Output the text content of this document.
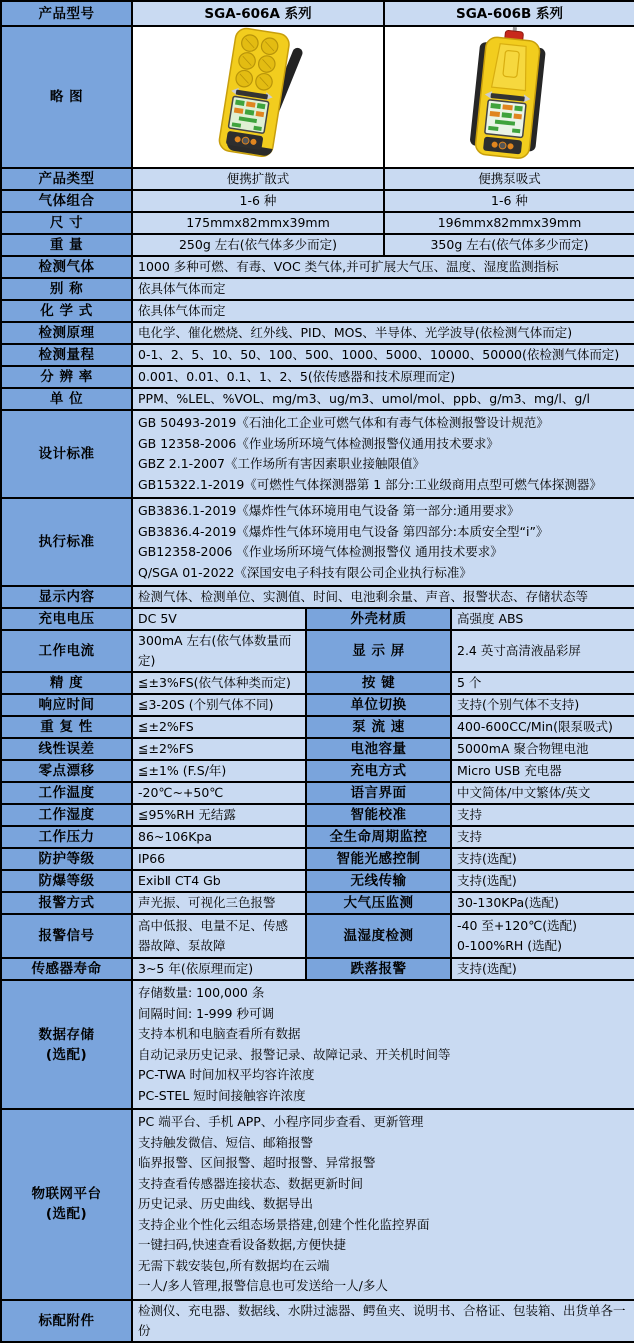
产品型号	SGA-606A 系列		SGA-606B 系列	
略 图		
产品类型	便携扩散式		便携泵吸式	
气体组合	1-6 种		1-6 种	
尺 寸	175mmx82mmx39mm		196mmx82mmx39mm	
重 量	250g 左右(依气体多少而定)		350g 左右(依气体多少而定)	
检测气体	1000 多种可燃、有毒、VOC 类气体,并可扩展大气压、温度、湿度监测指标			
别 称	依具体气体而定			
化 学 式	依具体气体而定			
检测原理	电化学、催化燃烧、红外线、PID、MOS、半导体、光学波导(依检测气体而定)			
检测量程	0-1、2、5、10、50、100、500、1000、5000、10000、50000(依检测气体而定)			
分 辨 率	0.001、0.01、0.1、1、2、5(依传感器和技术原理而定)			
单 位	PPM、%LEL、%VOL、mg/m3、ug/m3、umol/mol、ppb、g/m3、mg/l、g/l			
设计标准	GB 50493-2019《石油化工企业可燃气体和有毒气体检测报警设计规范》
GB 12358-2006《作业场所环境气体检测报警仪通用技术要求》
GBZ 2.1-2007《工作场所有害因素职业接触限值》
GB15322.1-2019《可燃性气体探测器第 1 部分:工业级商用点型可燃气体探测器》			

执行标准	GB3836.1-2019《爆炸性气体环境用电气设备 第一部分:通用要求》
GB3836.4-2019《爆炸性气体环境用电气设备 第四部分:本质安全型“i”》
GB12358-2006 《作业场所环境气体检测报警仪 通用技术要求》
Q/SGA 01-2022《深国安电子科技有限公司企业执行标准》			

显示内容	检测气体、检测单位、实测值、时间、电池剩余量、声音、报警状态、存储状态等			
充电电压	DC 5V	外壳材质		高强度 ABS
工作电流	300mA 左右(依气体数量而定)	显 示 屏		2.4 英寸高清液晶彩屏
精 度	≦±3%FS(依气体种类而定)	按 键		5 个
响应时间	≦3-20S (个别气体不同)	单位切换		支持(个别气体不支持)
重 复 性	≦±2%FS	泵 流 速		400-600CC/Min(限泵吸式)
线性误差	≦±2%FS	电池容量		5000mA 聚合物锂电池
零点漂移	≦±1% (F.S/年)	充电方式		Micro USB 充电器
工作温度	-20℃~+50℃	语言界面		中文简体/中文繁体/英文
工作湿度	≦95%RH 无结露	智能校准		支持
工作压力	86~106Kpa	全生命周期监控		支持
防护等级	IP66	智能光感控制		支持(选配)
防爆等级	ExibⅡ CT4 Gb	无线传输		支持(选配)
报警方式	声光振、可视化三色报警	大气压监测		30-130KPa(选配)
报警信号	高中低报、电量不足、传感器故障、泵故障	温湿度检测		-40 至+120℃(选配)
0-100%RH (选配)

传感器寿命	3~5 年(依原理而定)	跌落报警		支持(选配)

数据存储
(选配)

存储数量: 100,000 条
间隔时间: 1-999 秒可调
支持本机和电脑查看所有数据
自动记录历史记录、报警记录、故障记录、开关机时间等
PC-TWA 时间加权平均容许浓度
PC-STEL 短时间接触容许浓度

物联网平台
(选配)

PC 端平台、手机 APP、小程序同步查看、更新管理
支持触发微信、短信、邮箱报警
临界报警、区间报警、超时报警、异常报警
支持查看传感器连接状态、数据更新时间
历史记录、历史曲线、数据导出
支持企业个性化云组态场景搭建,创建个性化监控界面
一键扫码,快速查看设备数据,方便快捷
无需下载安装包,所有数据均在云端
一人/多人管理,报警信息也可发送给一人/多人

标配附件	检测仪、充电器、数据线、水阱过滤器、鳄鱼夹、说明书、合格证、包装箱、出货单各一份			
